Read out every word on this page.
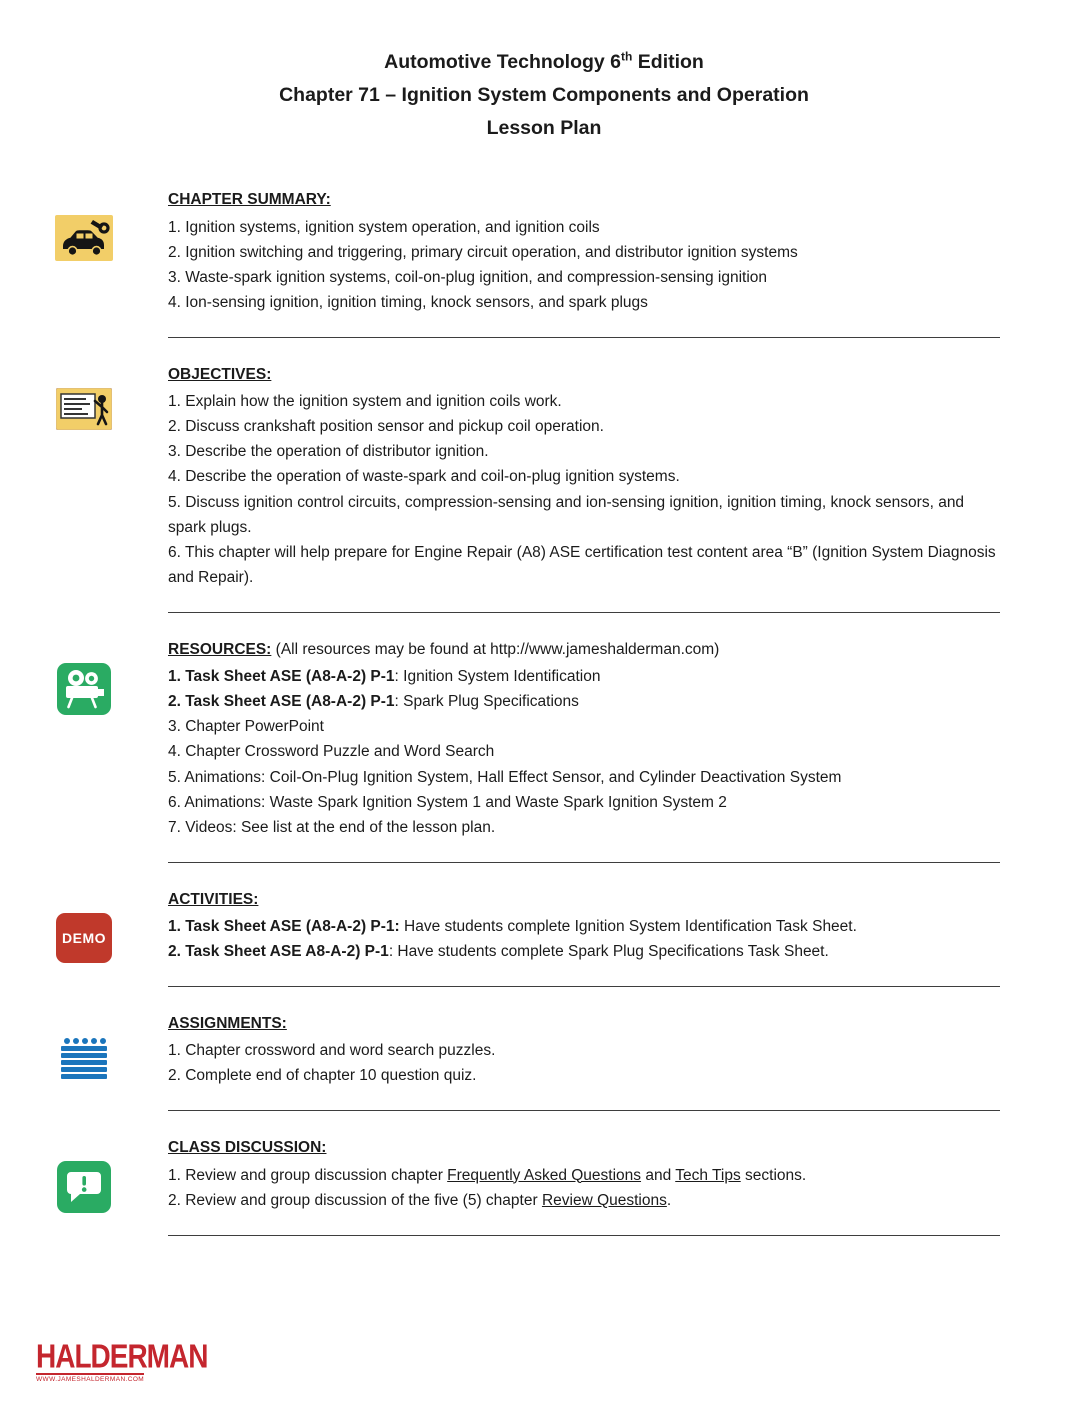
Automotive Technology 6th Edition
Chapter 71 – Ignition System Components and Operation
Lesson Plan
CHAPTER SUMMARY:
1. Ignition systems, ignition system operation, and ignition coils
2. Ignition switching and triggering, primary circuit operation, and distributor ignition systems
3. Waste-spark ignition systems, coil-on-plug ignition, and compression-sensing ignition
4. Ion-sensing ignition, ignition timing, knock sensors, and spark plugs
OBJECTIVES:
1. Explain how the ignition system and ignition coils work.
2. Discuss crankshaft position sensor and pickup coil operation.
3. Describe the operation of distributor ignition.
4. Describe the operation of waste-spark and coil-on-plug ignition systems.
5. Discuss ignition control circuits, compression-sensing and ion-sensing ignition, ignition timing, knock sensors, and spark plugs.
6. This chapter will help prepare for Engine Repair (A8) ASE certification test content area “B” (Ignition System Diagnosis and Repair).
RESOURCES: (All resources may be found at http://www.jameshalderman.com)
1. Task Sheet ASE (A8-A-2) P-1: Ignition System Identification
2. Task Sheet ASE (A8-A-2) P-1: Spark Plug Specifications
3. Chapter PowerPoint
4. Chapter Crossword Puzzle and Word Search
5. Animations: Coil-On-Plug Ignition System, Hall Effect Sensor, and Cylinder Deactivation System
6. Animations: Waste Spark Ignition System 1 and Waste Spark Ignition System 2
7. Videos: See list at the end of the lesson plan.
DEMO
ACTIVITIES:
1. Task Sheet ASE (A8-A-2) P-1: Have students complete Ignition System Identification Task Sheet.
2. Task Sheet ASE A8-A-2) P-1: Have students complete Spark Plug Specifications Task Sheet.
ASSIGNMENTS:
1. Chapter crossword and word search puzzles.
2. Complete end of chapter 10 question quiz.
CLASS DISCUSSION:
1. Review and group discussion chapter Frequently Asked Questions and Tech Tips sections.
2. Review and group discussion of the five (5) chapter Review Questions.
HALDERMAN
WWW.JAMESHALDERMAN.COM
